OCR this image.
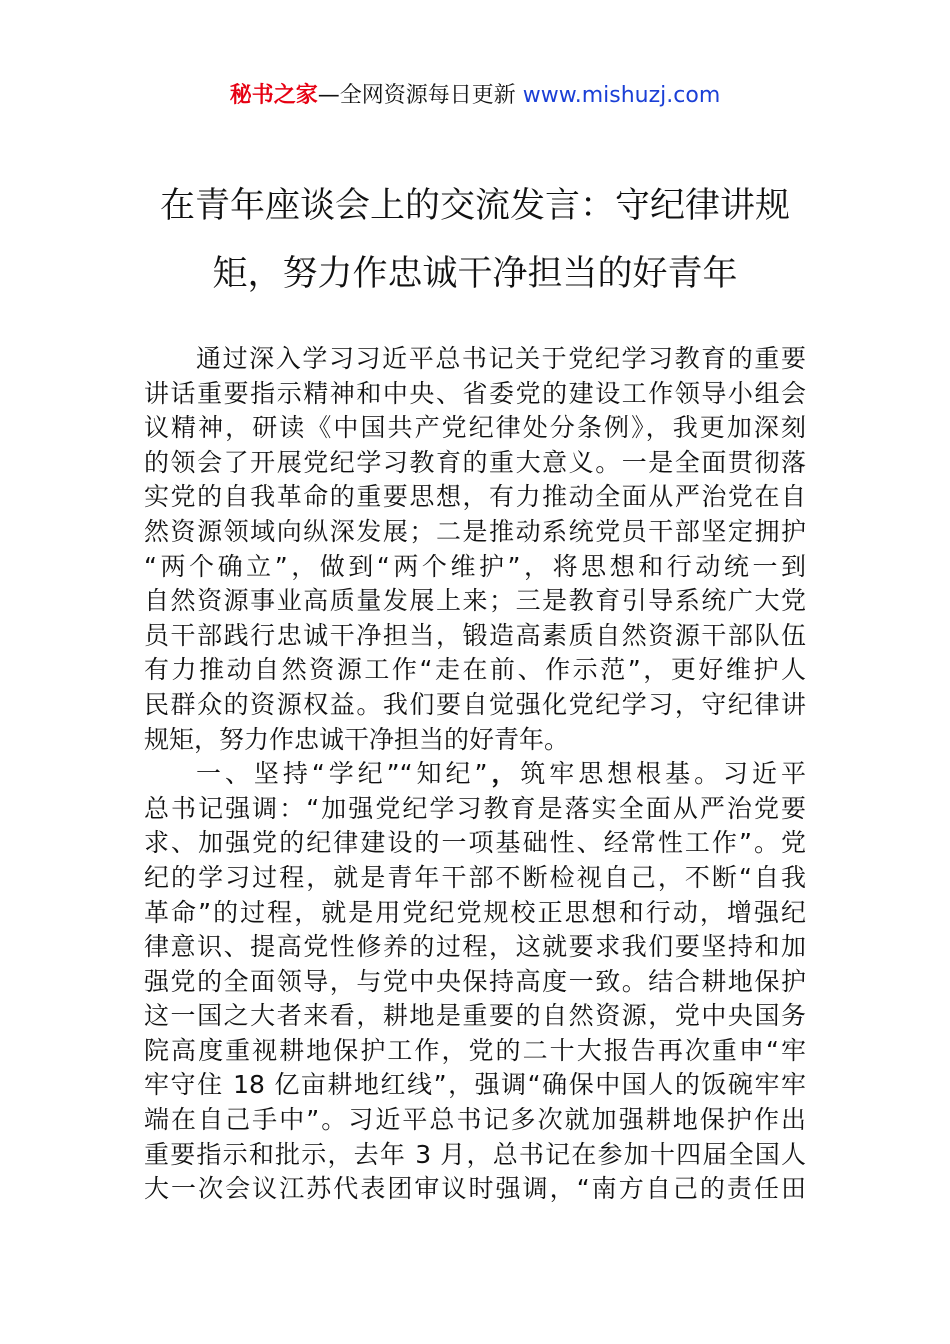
秘书之家—全网资源每日更新 www.mishuzj.com
在青年座谈会上的交流发言：守纪律讲规
矩，努力作忠诚干净担当的好青年
通过深入学习习近平总书记关于党纪学习教育的重要
讲话重要指示精神和中央、省委党的建设工作领导小组会
议精神，研读《中国共产党纪律处分条例》，我更加深刻
的领会了开展党纪学习教育的重大意义。一是全面贯彻落
实党的自我革命的重要思想，有力推动全面从严治党在自
然资源领域向纵深发展；二是推动系统党员干部坚定拥护
“两个确立”，做到“两个维护”，将思想和行动统一到
自然资源事业高质量发展上来；三是教育引导系统广大党
员干部践行忠诚干净担当，锻造高素质自然资源干部队伍
有力推动自然资源工作“走在前、作示范”，更好维护人
民群众的资源权益。我们要自觉强化党纪学习，守纪律讲
规矩，努力作忠诚干净担当的好青年。
一、坚持“学纪”“知纪”，筑牢思想根基。习近平
总书记强调：“加强党纪学习教育是落实全面从严治党要
求、加强党的纪律建设的一项基础性、经常性工作”。党
纪的学习过程，就是青年干部不断检视自己，不断“自我
革命”的过程，就是用党纪党规校正思想和行动，增强纪
律意识、提高党性修养的过程，这就要求我们要坚持和加
强党的全面领导，与党中央保持高度一致。结合耕地保护
这一国之大者来看，耕地是重要的自然资源，党中央国务
院高度重视耕地保护工作，党的二十大报告再次重申“牢
牢守住 18 亿亩耕地红线”，强调“确保中国人的饭碗牢牢
端在自己手中”。习近平总书记多次就加强耕地保护作出
重要指示和批示，去年 3 月，总书记在参加十四届全国人
大一次会议江苏代表团审议时强调，“南方自己的责任田
